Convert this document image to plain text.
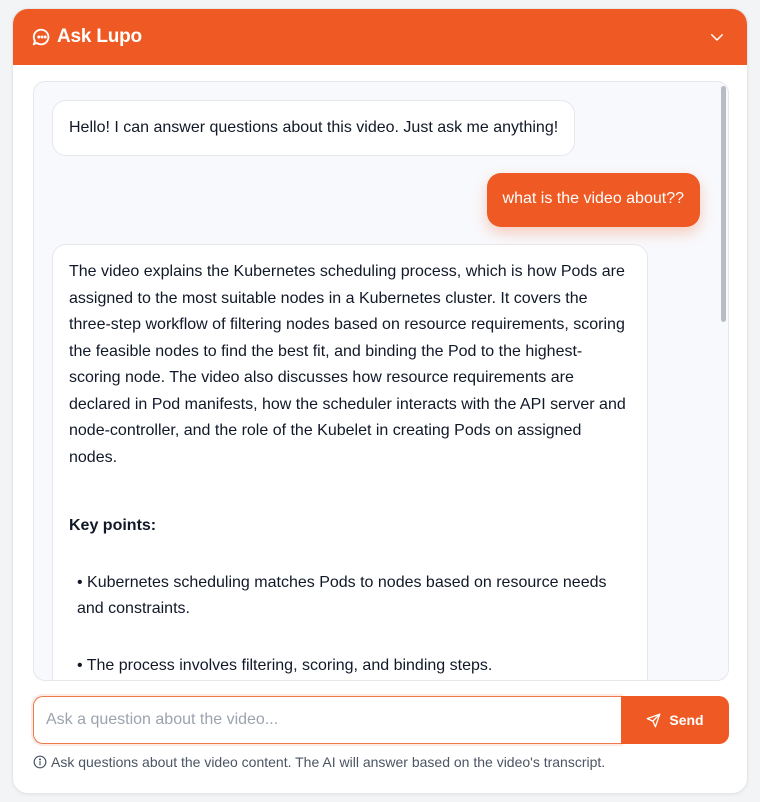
Ask Lupo
Hello! I can answer questions about this video. Just ask me anything!
what is the video about??

The video explains the Kubernetes scheduling process, which is how Pods are assigned to the most suitable nodes in a Kubernetes cluster. It covers the three-step workflow of filtering nodes based on resource requirements, scoring the feasible nodes to find the best fit, and binding the Pod to the highest-scoring node. The video also discusses how resource requirements are declared in Pod manifests, how the scheduler interacts with the API server and node-controller, and the role of the Kubelet in creating Pods on assigned nodes.

Key points:
• Kubernetes scheduling matches Pods to nodes based on resource needs and constraints.
• The process involves filtering, scoring, and binding steps.
Ask a question about the video...
Send
Ask questions about the video content. The AI will answer based on the video's transcript.
